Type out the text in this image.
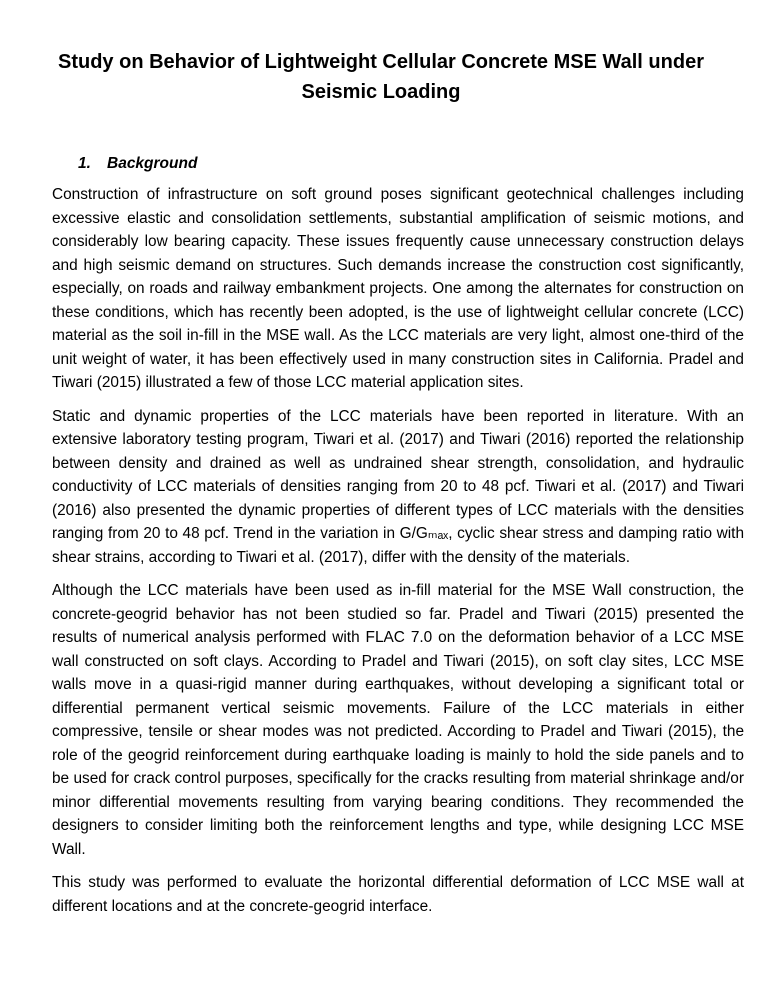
Study on Behavior of Lightweight Cellular Concrete MSE Wall under
Seismic Loading
1. Background

Construction of infrastructure on soft ground poses significant geotechnical challenges including excessive elastic and consolidation settlements, substantial amplification of seismic motions, and considerably low bearing capacity. These issues frequently cause unnecessary construction delays and high seismic demand on structures. Such demands increase the construction cost significantly, especially, on roads and railway embankment projects. One among the alternates for construction on these conditions, which has recently been adopted, is the use of lightweight cellular concrete (LCC) material as the soil in-fill in the MSE wall. As the LCC materials are very light, almost one-third of the unit weight of water, it has been effectively used in many construction sites in California. Pradel and Tiwari (2015) illustrated a few of those LCC material application sites.

Static and dynamic properties of the LCC materials have been reported in literature. With an extensive laboratory testing program, Tiwari et al. (2017) and Tiwari (2016) reported the relationship between density and drained as well as undrained shear strength, consolidation, and hydraulic conductivity of LCC materials of densities ranging from 20 to 48 pcf. Tiwari et al. (2017) and Tiwari (2016) also presented the dynamic properties of different types of LCC materials with the densities ranging from 20 to 48 pcf. Trend in the variation in G/Gₘₐₓ, cyclic shear stress and damping ratio with shear strains, according to Tiwari et al. (2017), differ with the density of the materials.

Although the LCC materials have been used as in-fill material for the MSE Wall construction, the concrete-geogrid behavior has not been studied so far. Pradel and Tiwari (2015) presented the results of numerical analysis performed with FLAC 7.0 on the deformation behavior of a LCC MSE wall constructed on soft clays. According to Pradel and Tiwari (2015), on soft clay sites, LCC MSE walls move in a quasi-rigid manner during earthquakes, without developing a significant total or differential permanent vertical seismic movements. Failure of the LCC materials in either compressive, tensile or shear modes was not predicted. According to Pradel and Tiwari (2015), the role of the geogrid reinforcement during earthquake loading is mainly to hold the side panels and to be used for crack control purposes, specifically for the cracks resulting from material shrinkage and/or minor differential movements resulting from varying bearing conditions. They recommended the designers to consider limiting both the reinforcement lengths and type, while designing LCC MSE Wall.

This study was performed to evaluate the horizontal differential deformation of LCC MSE wall at different locations and at the concrete-geogrid interface.
